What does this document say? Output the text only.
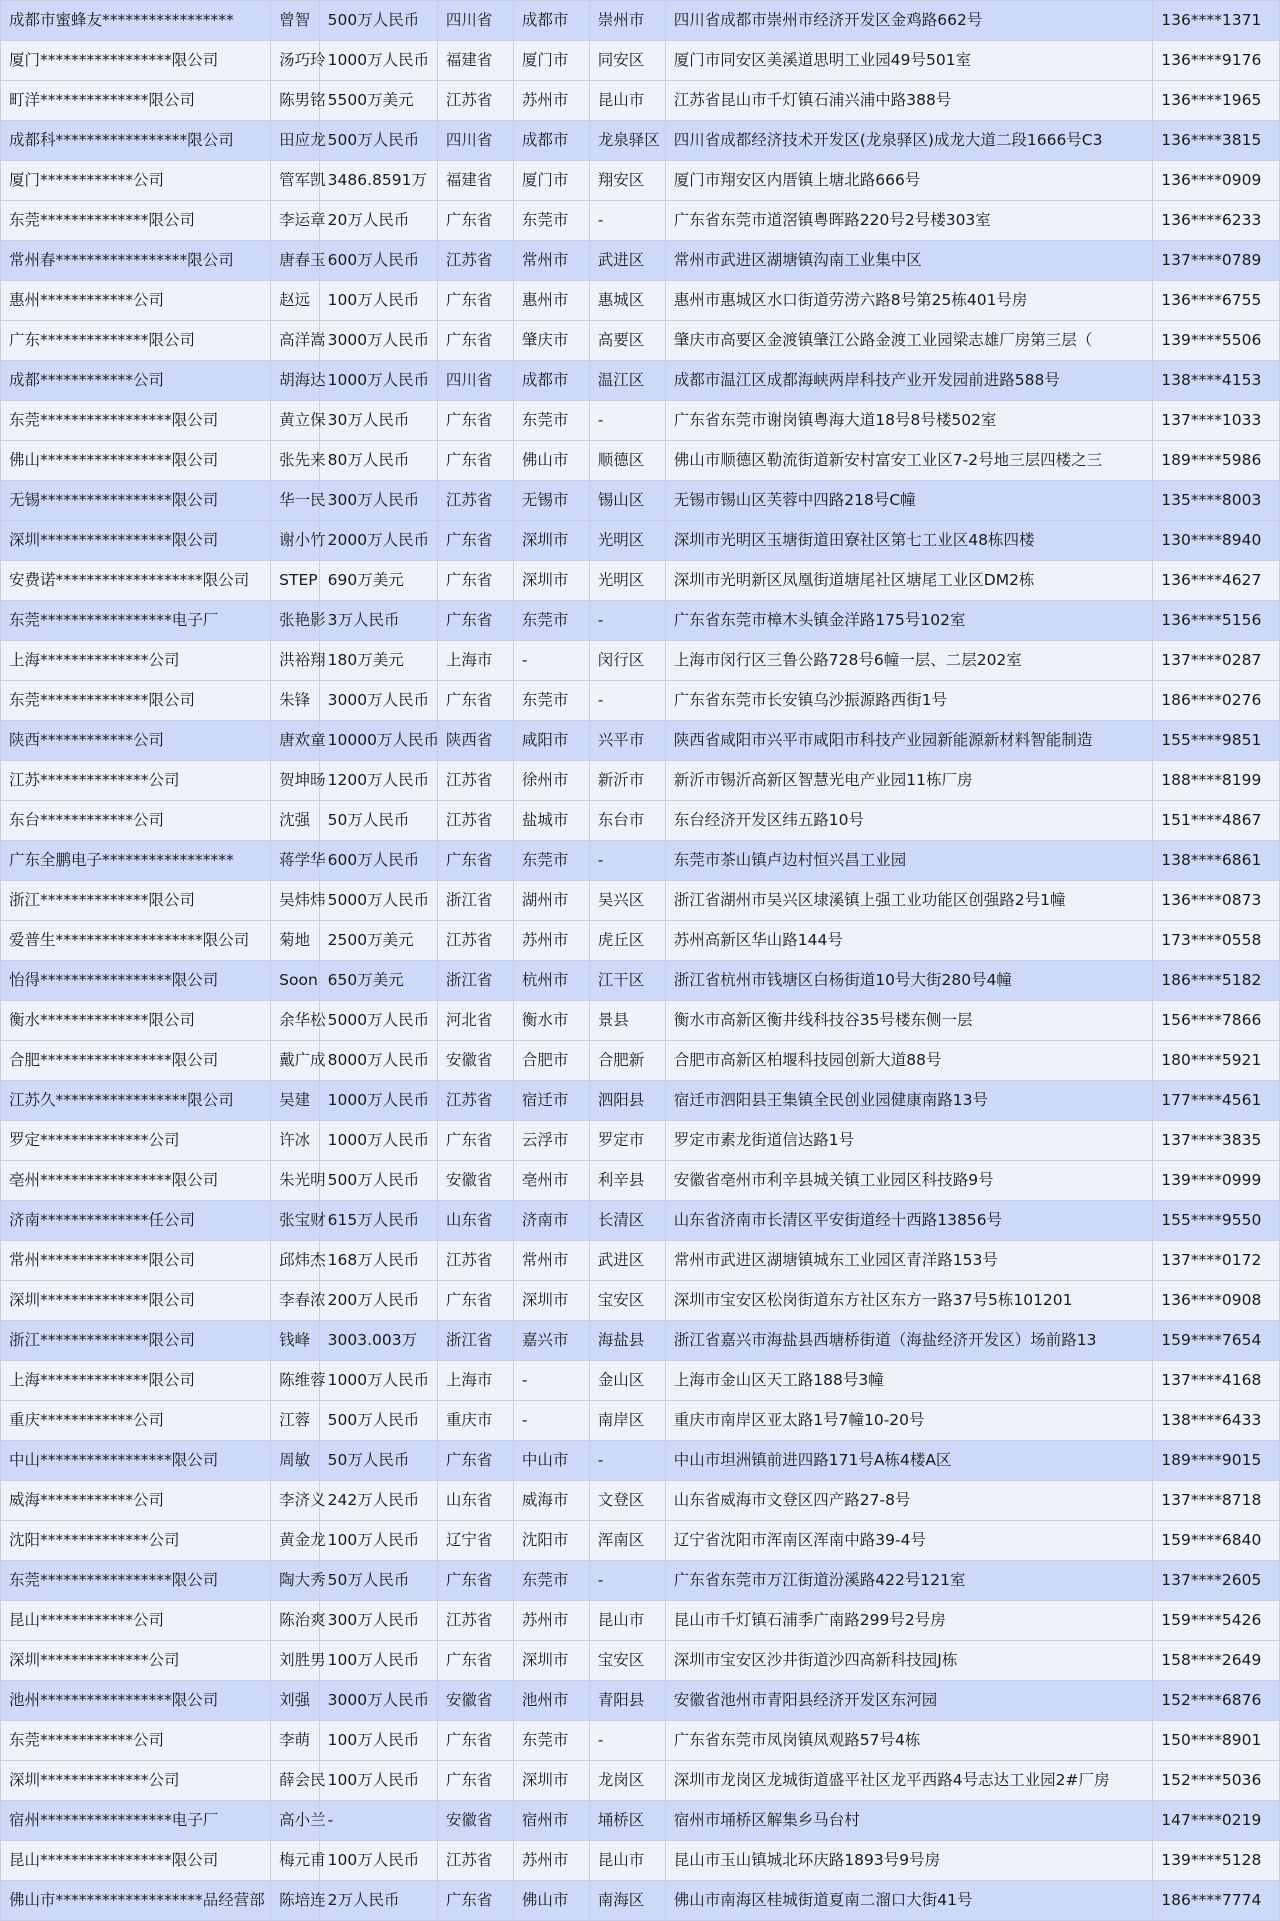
成都市蜜蜂友*****************	曾智	500万人民币	四川省	成都市	崇州市	四川省成都市崇州市经济开发区金鸡路662号	136****1371
厦门*****************限公司	汤巧玲	1000万人民币	福建省	厦门市	同安区	厦门市同安区美溪道思明工业园49号501室	136****9176
町洋**************限公司	陈男铭	5500万美元	江苏省	苏州市	昆山市	江苏省昆山市千灯镇石浦兴浦中路388号	136****1965
成都科*****************限公司	田应龙	500万人民币	四川省	成都市	龙泉驿区	四川省成都经济技术开发区(龙泉驿区)成龙大道二段1666号C3	136****3815
厦门************公司	管军凯	3486.8591万	福建省	厦门市	翔安区	厦门市翔安区内厝镇上塘北路666号	136****0909
东莞**************限公司	李运章	20万人民币	广东省	东莞市	-	广东省东莞市道滘镇粤晖路220号2号楼303室	136****6233
常州春*****************限公司	唐春玉	600万人民币	江苏省	常州市	武进区	常州市武进区湖塘镇沟南工业集中区	137****0789
惠州************公司	赵远	100万人民币	广东省	惠州市	惠城区	惠州市惠城区水口街道劳涝六路8号第25栋401号房	136****6755
广东**************限公司	高洋嵩	3000万人民币	广东省	肇庆市	高要区	肇庆市高要区金渡镇肇江公路金渡工业园梁志雄厂房第三层（	139****5506
成都************公司	胡海达	1000万人民币	四川省	成都市	温江区	成都市温江区成都海峡两岸科技产业开发园前进路588号	138****4153
东莞*****************限公司	黄立保	30万人民币	广东省	东莞市	-	广东省东莞市谢岗镇粤海大道18号8号楼502室	137****1033
佛山*****************限公司	张先来	80万人民币	广东省	佛山市	顺德区	佛山市顺德区勒流街道新安村富安工业区7-2号地三层四楼之三	189****5986
无锡*****************限公司	华一民	300万人民币	江苏省	无锡市	锡山区	无锡市锡山区芙蓉中四路218号C幢	135****8003
深圳*****************限公司	谢小竹	2000万人民币	广东省	深圳市	光明区	深圳市光明区玉塘街道田寮社区第七工业区48栋四楼	130****8940
安费诺*******************限公司	STEP	690万美元	广东省	深圳市	光明区	深圳市光明新区凤凰街道塘尾社区塘尾工业区DM2栋	136****4627
东莞*****************电子厂	张艳影	3万人民币	广东省	东莞市	-	广东省东莞市樟木头镇金洋路175号102室	136****5156
上海**************公司	洪裕翔	180万美元	上海市	-	闵行区	上海市闵行区三鲁公路728号6幢一层、二层202室	137****0287
东莞**************限公司	朱锋	3000万人民币	广东省	东莞市	-	广东省东莞市长安镇乌沙振源路西街1号	186****0276
陕西************公司	唐欢童	10000万人民币	陕西省	咸阳市	兴平市	陕西省咸阳市兴平市咸阳市科技产业园新能源新材料智能制造	155****9851
江苏**************公司	贺坤旸	1200万人民币	江苏省	徐州市	新沂市	新沂市锡沂高新区智慧光电产业园11栋厂房	188****8199
东台************公司	沈强	50万人民币	江苏省	盐城市	东台市	东台经济开发区纬五路10号	151****4867
广东全鹏电子*****************	蒋学华	600万人民币	广东省	东莞市	-	东莞市茶山镇卢边村恒兴昌工业园	138****6861
浙江**************限公司	吴炜炜	5000万人民币	浙江省	湖州市	吴兴区	浙江省湖州市吴兴区埭溪镇上强工业功能区创强路2号1幢	136****0873
爱普生*******************限公司	菊地	2500万美元	江苏省	苏州市	虎丘区	苏州高新区华山路144号	173****0558
怡得*****************限公司	Soon	650万美元	浙江省	杭州市	江干区	浙江省杭州市钱塘区白杨街道10号大街280号4幢	186****5182
衡水**************限公司	余华松	5000万人民币	河北省	衡水市	景县	衡水市高新区衡井线科技谷35号楼东侧一层	156****7866
合肥*****************限公司	戴广成	8000万人民币	安徽省	合肥市	合肥新	合肥市高新区柏堰科技园创新大道88号	180****5921
江苏久*****************限公司	吴建	1000万人民币	江苏省	宿迁市	泗阳县	宿迁市泗阳县王集镇全民创业园健康南路13号	177****4561
罗定**************公司	许冰	1000万人民币	广东省	云浮市	罗定市	罗定市素龙街道信达路1号	137****3835
亳州*****************限公司	朱光明	500万人民币	安徽省	亳州市	利辛县	安徽省亳州市利辛县城关镇工业园区科技路9号	139****0999
济南**************任公司	张宝财	615万人民币	山东省	济南市	长清区	山东省济南市长清区平安街道经十西路13856号	155****9550
常州**************限公司	邱炜杰	168万人民币	江苏省	常州市	武进区	常州市武进区湖塘镇城东工业园区青洋路153号	137****0172
深圳**************限公司	李春浓	200万人民币	广东省	深圳市	宝安区	深圳市宝安区松岗街道东方社区东方一路37号5栋101201	136****0908
浙江**************限公司	钱峰	3003.003万	浙江省	嘉兴市	海盐县	浙江省嘉兴市海盐县西塘桥街道（海盐经济开发区）场前路13	159****7654
上海**************限公司	陈维蓉	1000万人民币	上海市	-	金山区	上海市金山区天工路188号3幢	137****4168
重庆************公司	江蓉	500万人民币	重庆市	-	南岸区	重庆市南岸区亚太路1号7幢10-20号	138****6433
中山*****************限公司	周敏	50万人民币	广东省	中山市	-	中山市坦洲镇前进四路171号A栋4楼A区	189****9015
威海************公司	李济义	242万人民币	山东省	威海市	文登区	山东省威海市文登区四产路27-8号	137****8718
沈阳**************公司	黄金龙	100万人民币	辽宁省	沈阳市	浑南区	辽宁省沈阳市浑南区浑南中路39-4号	159****6840
东莞*****************限公司	陶大秀	50万人民币	广东省	东莞市	-	广东省东莞市万江街道汾溪路422号121室	137****2605
昆山************公司	陈治爽	300万人民币	江苏省	苏州市	昆山市	昆山市千灯镇石浦季广南路299号2号房	159****5426
深圳**************公司	刘胜男	100万人民币	广东省	深圳市	宝安区	深圳市宝安区沙井街道沙四高新科技园J栋	158****2649
池州*****************限公司	刘强	3000万人民币	安徽省	池州市	青阳县	安徽省池州市青阳县经济开发区东河园	152****6876
东莞************公司	李萌	100万人民币	广东省	东莞市	-	广东省东莞市凤岗镇凤观路57号4栋	150****8901
深圳**************公司	薛会民	100万人民币	广东省	深圳市	龙岗区	深圳市龙岗区龙城街道盛平社区龙平西路4号志达工业园2#厂房	152****5036
宿州*****************电子厂	高小兰	-	安徽省	宿州市	埇桥区	宿州市埇桥区解集乡马台村	147****0219
昆山*****************限公司	梅元甫	100万人民币	江苏省	苏州市	昆山市	昆山市玉山镇城北环庆路1893号9号房	139****5128
佛山市*******************品经营部	陈培连	2万人民币	广东省	佛山市	南海区	佛山市南海区桂城街道夏南二溜口大街41号	186****7774
